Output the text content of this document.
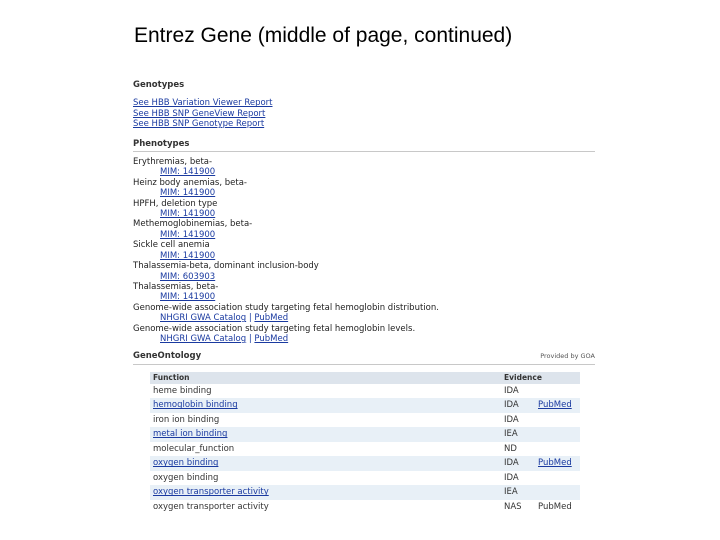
Entrez Gene (middle of page, continued)
Genotypes
See HBB Variation Viewer Report
See HBB SNP GeneView Report
See HBB SNP Genotype Report
Phenotypes
Erythremias, beta-
MIM: 141900
Heinz body anemias, beta-
MIM: 141900
HPFH, deletion type
MIM: 141900
Methemoglobinemias, beta-
MIM: 141900
Sickle cell anemia
MIM: 141900
Thalassemia-beta, dominant inclusion-body
MIM: 603903
Thalassemias, beta-
MIM: 141900
Genome-wide association study targeting fetal hemoglobin distribution.
NHGRI GWA Catalog | PubMed
Genome-wide association study targeting fetal hemoglobin levels.
NHGRI GWA Catalog | PubMed
GeneOntology	Provided by GOA
Function	Evidence	
heme binding	IDA	
hemoglobin binding	IDA	PubMed
iron ion binding	IDA	
metal ion binding	IEA	
molecular_function	ND	
oxygen binding	IDA	PubMed
oxygen binding	IDA	
oxygen transporter activity	IEA	
oxygen transporter activity	NAS	PubMed
